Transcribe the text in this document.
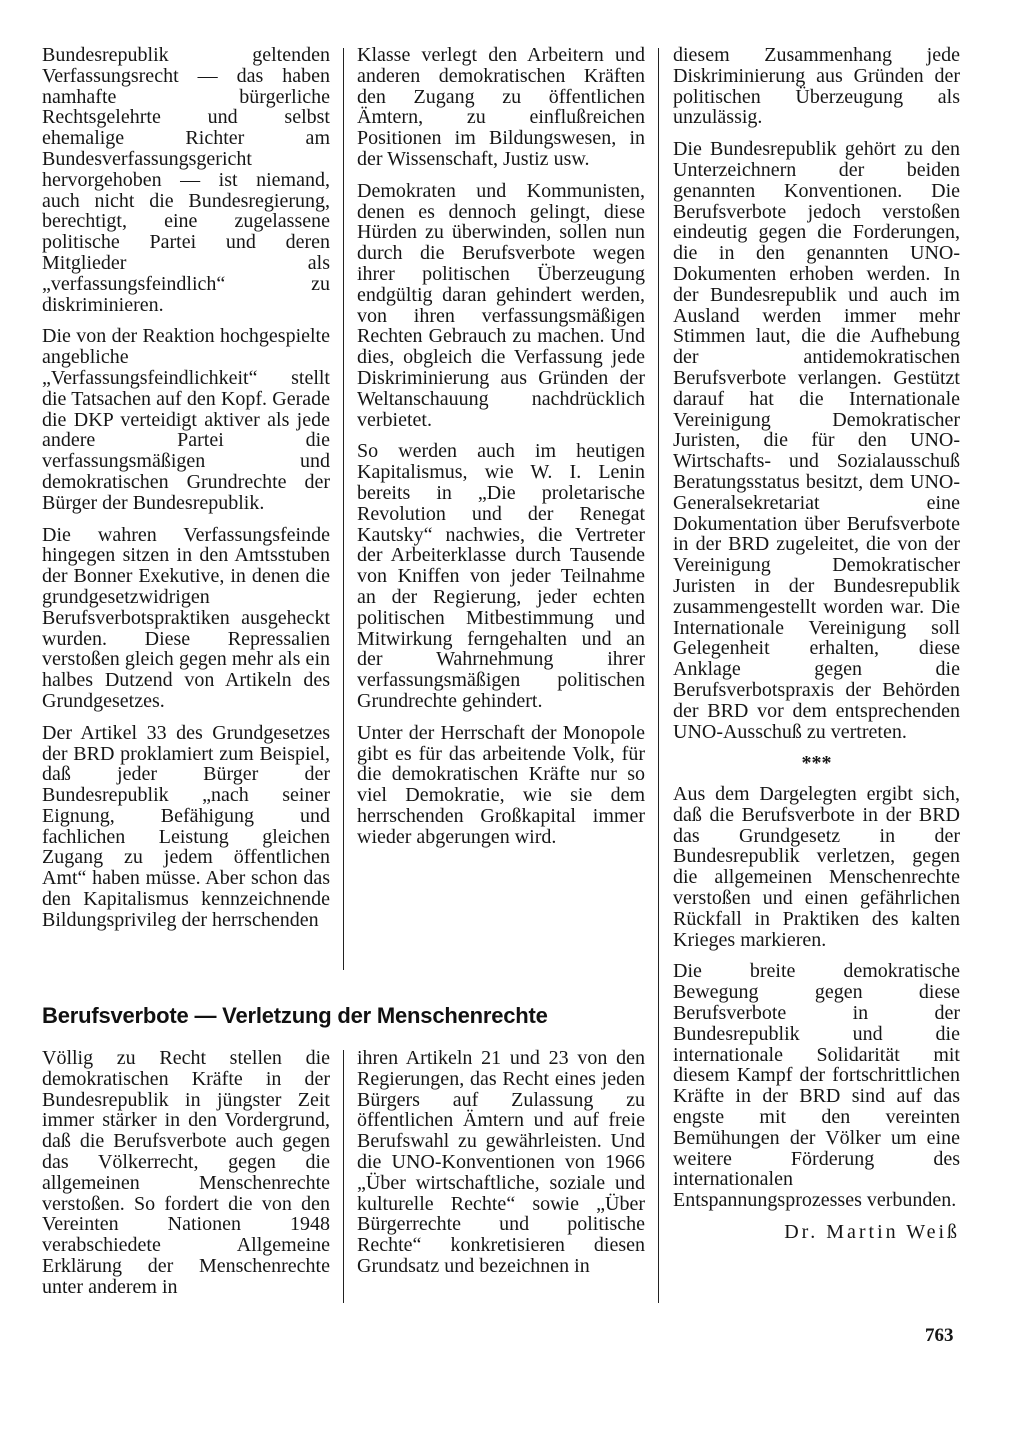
Bundesrepublik geltenden Verfassungsrecht — das haben namhafte bürgerliche Rechtsgelehrte und selbst ehemalige Richter am Bundesverfassungsgericht hervorgehoben — ist niemand, auch nicht die Bundesregierung, berechtigt, eine zugelassene politische Partei und deren Mitglieder als „verfassungsfeindlich“ zu diskriminieren.

Die von der Reaktion hochgespielte angebliche „Verfassungsfeindlichkeit“ stellt die Tatsachen auf den Kopf. Gerade die DKP verteidigt aktiver als jede andere Partei die verfassungsmäßigen und demokratischen Grundrechte der Bürger der Bundesrepublik.

Die wahren Verfassungsfeinde hingegen sitzen in den Amtsstuben der Bonner Exekutive, in denen die grundgesetzwidrigen Berufsverbotspraktiken ausgeheckt wurden. Diese Repressalien verstoßen gleich gegen mehr als ein halbes Dutzend von Artikeln des Grundgesetzes.

Der Artikel 33 des Grundgesetzes der BRD proklamiert zum Beispiel, daß jeder Bürger der Bundesrepublik „nach seiner Eignung, Befähigung und fachlichen Leistung gleichen Zugang zu jedem öffentlichen Amt“ haben müsse. Aber schon das den Kapitalismus kennzeichnende Bildungsprivileg der herrschenden

Klasse verlegt den Arbeitern und anderen demokratischen Kräften den Zugang zu öffentlichen Ämtern, zu einflußreichen Positionen im Bildungswesen, in der Wissenschaft, Justiz usw.

Demokraten und Kommunisten, denen es dennoch gelingt, diese Hürden zu überwinden, sollen nun durch die Berufsverbote wegen ihrer politischen Überzeugung endgültig daran gehindert werden, von ihren verfassungsmäßigen Rechten Gebrauch zu machen. Und dies, obgleich die Verfassung jede Diskriminierung aus Gründen der Weltanschauung nachdrücklich verbietet.

So werden auch im heutigen Kapitalismus, wie W. I. Lenin bereits in „Die proletarische Revolution und der Renegat Kautsky“ nachwies, die Vertreter der Arbeiterklasse durch Tausende von Kniffen von jeder Teilnahme an der Regierung, jeder echten politischen Mitbestimmung und Mitwirkung ferngehalten und an der Wahrnehmung ihrer verfassungsmäßigen politischen Grundrechte gehindert.

Unter der Herrschaft der Monopole gibt es für das arbeitende Volk, für die demokratischen Kräfte nur so viel Demokratie, wie sie dem herrschenden Großkapital immer wieder abgerungen wird.

diesem Zusammenhang jede Diskriminierung aus Gründen der politischen Überzeugung als unzulässig.

Die Bundesrepublik gehört zu den Unterzeichnern der beiden genannten Konventionen. Die Berufsverbote jedoch verstoßen eindeutig gegen die Forderungen, die in den genannten UNO-Dokumenten erhoben werden. In der Bundesrepublik und auch im Ausland werden immer mehr Stimmen laut, die die Aufhebung der antidemokratischen Berufsverbote verlangen. Gestützt darauf hat die Internationale Vereinigung Demokratischer Juristen, die für den UNO-Wirtschafts- und Sozialausschuß Beratungsstatus besitzt, dem UNO-Generalsekretariat eine Dokumentation über Berufsverbote in der BRD zugeleitet, die von der Vereinigung Demokratischer Juristen in der Bundesrepublik zusammengestellt worden war. Die Internationale Vereinigung soll Gelegenheit erhalten, diese Anklage gegen die Berufsverbotspraxis der Behörden der BRD vor dem entsprechenden UNO-Ausschuß zu vertreten.

***

Aus dem Dargelegten ergibt sich, daß die Berufsverbote in der BRD das Grundgesetz in der Bundesrepublik verletzen, gegen die allgemeinen Menschenrechte verstoßen und einen gefährlichen Rückfall in Praktiken des kalten Krieges markieren.

Die breite demokratische Bewegung gegen diese Berufsverbote in der Bundesrepublik und die internationale Solidarität mit diesem Kampf der fortschrittlichen Kräfte in der BRD sind auf das engste mit den vereinten Bemühungen der Völker um eine weitere Förderung des internationalen Entspannungsprozesses verbunden.

Dr. Martin Weiß
Berufsverbote — Verletzung der Menschenrechte

Völlig zu Recht stellen die demokratischen Kräfte in der Bundesrepublik in jüngster Zeit immer stärker in den Vordergrund, daß die Berufsverbote auch gegen das Völkerrecht, gegen die allgemeinen Menschenrechte verstoßen. So fordert die von den Vereinten Nationen 1948 verabschiedete Allgemeine Erklärung der Menschenrechte unter anderem in

ihren Artikeln 21 und 23 von den Regierungen, das Recht eines jeden Bürgers auf Zulassung zu öffentlichen Ämtern und auf freie Berufswahl zu gewährleisten. Und die UNO-Konventionen von 1966 „Über wirtschaftliche, soziale und kulturelle Rechte“ sowie „Über Bürgerrechte und politische Rechte“ konkretisieren diesen Grundsatz und bezeichnen in

763
